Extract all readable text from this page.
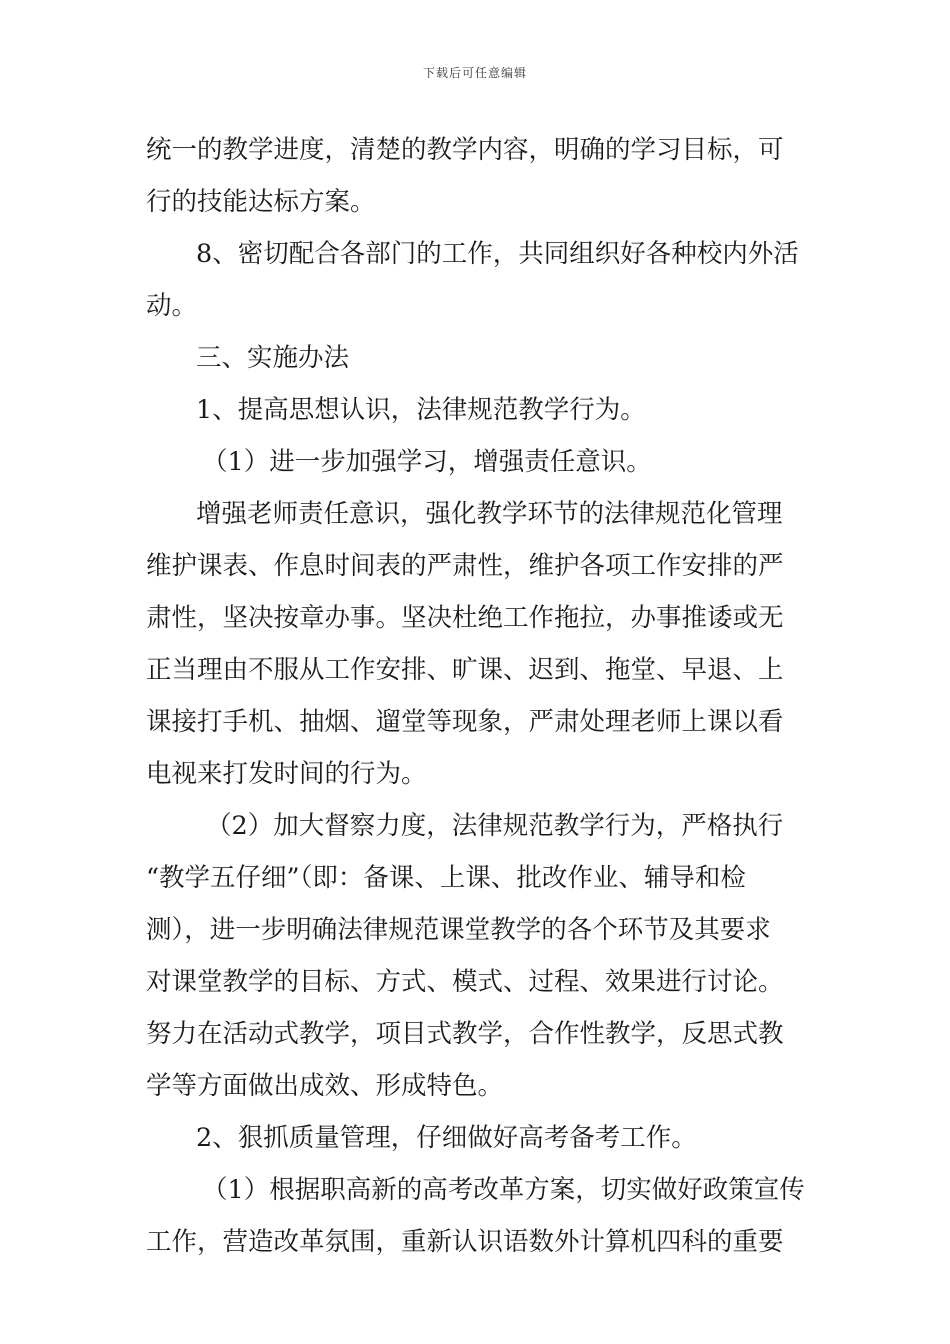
下载后可任意编辑
统一的教学进度，清楚的教学内容，明确的学习目标，可
行的技能达标方案。
8、密切配合各部门的工作，共同组织好各种校内外活
动。
三、实施办法
1、提高思想认识，法律规范教学行为。
（1）进一步加强学习，增强责任意识。
增强老师责任意识，强化教学环节的法律规范化管理
维护课表、作息时间表的严肃性，维护各项工作安排的严
肃性，坚决按章办事。坚决杜绝工作拖拉，办事推诿或无
正当理由不服从工作安排、旷课、迟到、拖堂、早退、上
课接打手机、抽烟、遛堂等现象，严肃处理老师上课以看
电视来打发时间的行为。
（2）加大督察力度，法律规范教学行为，严格执行
“教学五仔细”（即：备课、上课、批改作业、辅导和检
测），进一步明确法律规范课堂教学的各个环节及其要求
对课堂教学的目标、方式、模式、过程、效果进行讨论。
努力在活动式教学，项目式教学，合作性教学，反思式教
学等方面做出成效、形成特色。
2、狠抓质量管理，仔细做好高考备考工作。
（1）根据职高新的高考改革方案，切实做好政策宣传
工作，营造改革氛围，重新认识语数外计算机四科的重要
